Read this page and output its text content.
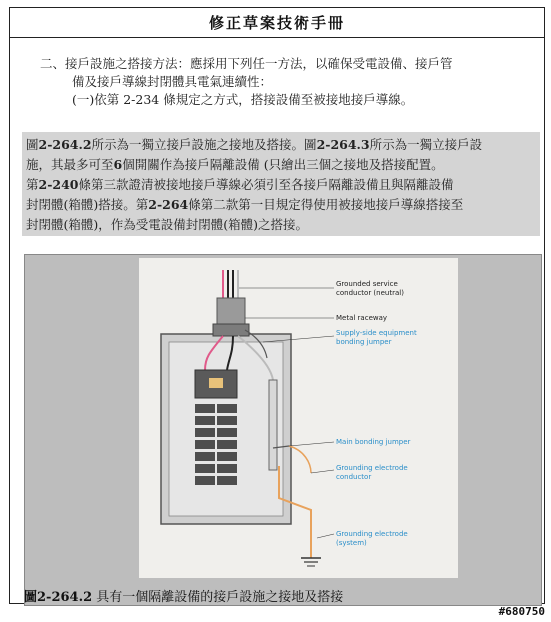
修正草案技術手冊
二、接戶設施之搭接方法：應採用下列任一方法，以確保受電設備、接戶管
備及接戶導線封閉體具電氣連續性：
(一)依第 2-234 條規定之方式，搭接設備至被接地接戶導線。
圖2-264.2所示為一獨立接戶設施之接地及搭接。圖2-264.3所示為一獨立接戶設
施，其最多可至6個開關作為接戶隔離設備 (只繪出三個之接地及搭接配置。
第2-240條第三款證清被接地接戶導線必須引至各接戶隔離設備且與隔離設備
封閉體(箱體)搭接。第2-264條第二款第一目規定得使用被接地接戶導線搭接至
封閉體(箱體)，作為受電設備封閉體(箱體)之搭接。
Grounded service
conductor (neutral)
Metal raceway
Supply-side equipment
bonding jumper
Main bonding jumper
Grounding electrode
conductor
Grounding electrode
(system)
圖2-264.2 具有一個隔離設備的接戶設施之接地及搭接
#680750
